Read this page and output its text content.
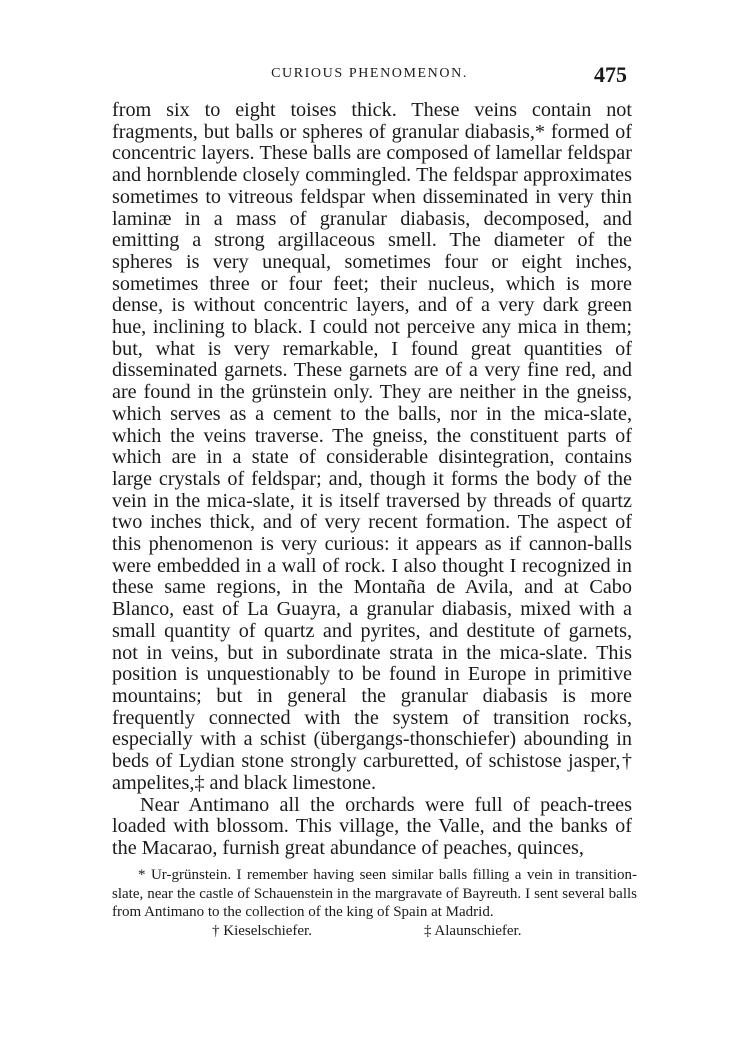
CURIOUS PHENOMENON.	475

from six to eight toises thick. These veins contain not fragments, but balls or spheres of granular diabasis,* formed of concentric layers. These balls are composed of lamellar feldspar and hornblende closely commingled. The feldspar approximates sometimes to vitreous feldspar when disseminated in very thin laminæ in a mass of granular diabasis, decomposed, and emitting a strong argillaceous smell. The diameter of the spheres is very unequal, sometimes four or eight inches, sometimes three or four feet; their nucleus, which is more dense, is without concentric layers, and of a very dark green hue, inclining to black. I could not perceive any mica in them; but, what is very remarkable, I found great quantities of disseminated garnets. These garnets are of a very fine red, and are found in the grünstein only. They are neither in the gneiss, which serves as a cement to the balls, nor in the mica-slate, which the veins traverse. The gneiss, the constituent parts of which are in a state of considerable disintegration, contains large crystals of feldspar; and, though it forms the body of the vein in the mica-slate, it is itself traversed by threads of quartz two inches thick, and of very recent formation. The aspect of this phenomenon is very curious: it appears as if cannon-balls were embedded in a wall of rock. I also thought I recognized in these same regions, in the Montaña de Avila, and at Cabo Blanco, east of La Guayra, a granular diabasis, mixed with a small quantity of quartz and pyrites, and destitute of garnets, not in veins, but in subordinate strata in the mica-slate. This position is unquestionably to be found in Europe in primitive mountains; but in general the granular diabasis is more frequently connected with the system of transition rocks, especially with a schist (übergangs-thonschiefer) abounding in beds of Lydian stone strongly carburetted, of schistose jasper,† ampelites,‡ and black limestone.

Near Antimano all the orchards were full of peach-trees loaded with blossom. This village, the Valle, and the banks of the Macarao, furnish great abundance of peaches, quinces,

* Ur-grünstein. I remember having seen similar balls filling a vein in transition-slate, near the castle of Schauenstein in the margravate of Bayreuth. I sent several balls from Antimano to the collection of the king of Spain at Madrid.

† Kieselschiefer.	‡ Alaunschiefer.
